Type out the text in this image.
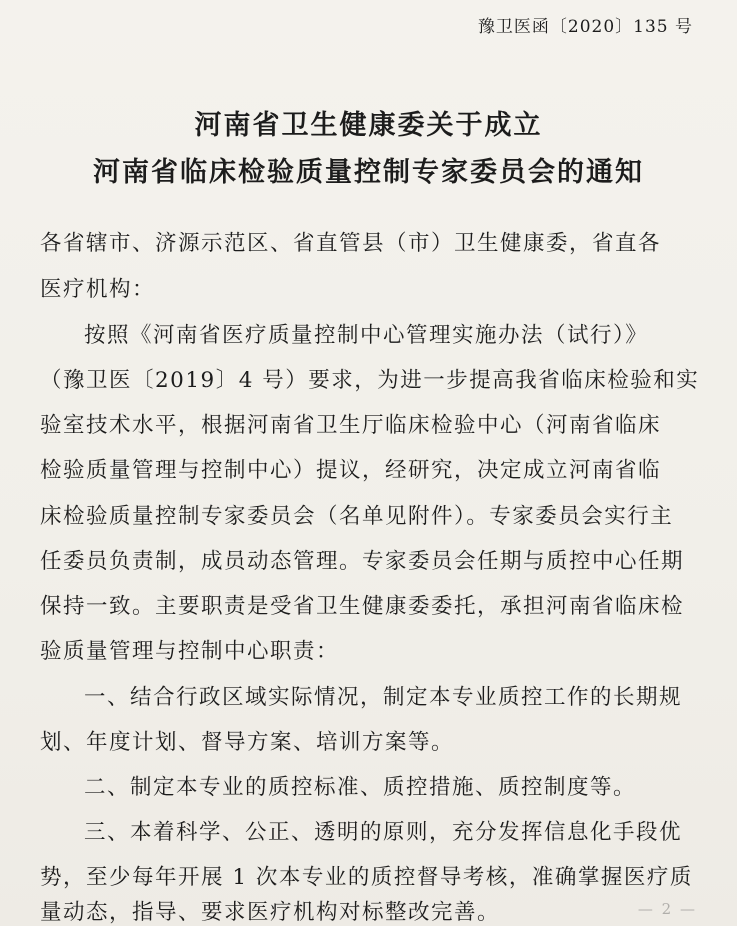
豫卫医函〔2020〕135 号
河南省卫生健康委关于成立
河南省临床检验质量控制专家委员会的通知
各省辖市、济源示范区、省直管县（市）卫生健康委，省直各
医疗机构：
按照《河南省医疗质量控制中心管理实施办法（试行）》
（豫卫医〔2019〕4 号）要求，为进一步提高我省临床检验和实
验室技术水平，根据河南省卫生厅临床检验中心（河南省临床
检验质量管理与控制中心）提议，经研究，决定成立河南省临
床检验质量控制专家委员会（名单见附件）。专家委员会实行主
任委员负责制，成员动态管理。专家委员会任期与质控中心任期
保持一致。主要职责是受省卫生健康委委托，承担河南省临床检
验质量管理与控制中心职责：
一、结合行政区域实际情况，制定本专业质控工作的长期规
划、年度计划、督导方案、培训方案等。
二、制定本专业的质控标准、质控措施、质控制度等。
三、本着科学、公正、透明的原则，充分发挥信息化手段优
势，至少每年开展 1 次本专业的质控督导考核，准确掌握医疗质
量动态，指导、要求医疗机构对标整改完善。	— 2 —
